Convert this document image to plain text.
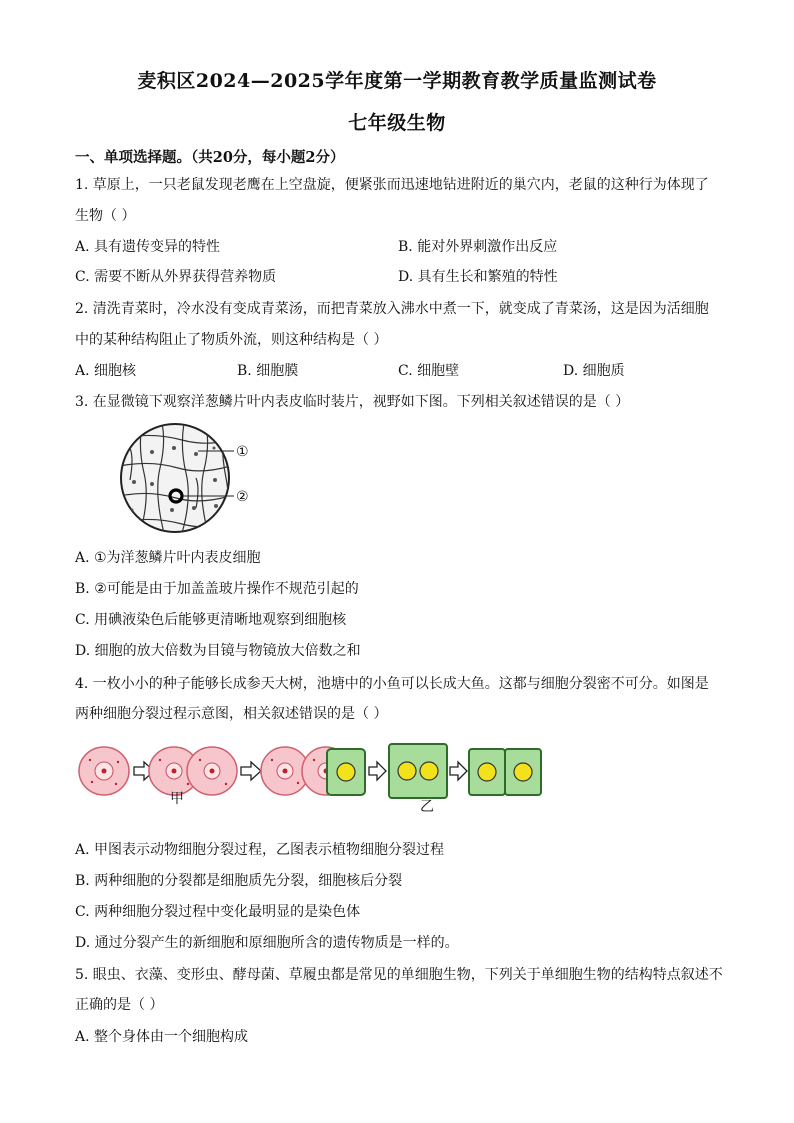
麦积区2024—2025学年度第一学期教育教学质量监测试卷
七年级生物
一、单项选择题。（共20分，每小题2分）
1. 草原上，一只老鼠发现老鹰在上空盘旋，便紧张而迅速地钻进附近的巢穴内，老鼠的这种行为体现了
生物（ ）
A. 具有遗传变异的特性	B. 能对外界刺激作出反应
C. 需要不断从外界获得营养物质	D. 具有生长和繁殖的特性
2. 清洗青菜时，冷水没有变成青菜汤，而把青菜放入沸水中煮一下，就变成了青菜汤，这是因为活细胞
中的某种结构阻止了物质外流，则这种结构是（ ）
A. 细胞核	B. 细胞膜	C. 细胞壁	D. 细胞质
3. 在显微镜下观察洋葱鳞片叶内表皮临时装片，视野如下图。下列相关叙述错误的是（ ）
①
②
A. ①为洋葱鳞片叶内表皮细胞
B. ②可能是由于加盖盖玻片操作不规范引起的
C. 用碘液染色后能够更清晰地观察到细胞核
D. 细胞的放大倍数为目镜与物镜放大倍数之和
4. 一枚小小的种子能够长成参天大树，池塘中的小鱼可以长成大鱼。这都与细胞分裂密不可分。如图是
两种细胞分裂过程示意图，相关叙述错误的是（ ）
甲	乙
A. 甲图表示动物细胞分裂过程，乙图表示植物细胞分裂过程
B. 两种细胞的分裂都是细胞质先分裂，细胞核后分裂
C. 两种细胞分裂过程中变化最明显的是染色体
D. 通过分裂产生的新细胞和原细胞所含的遗传物质是一样的。
5. 眼虫、衣藻、变形虫、酵母菌、草履虫都是常见的单细胞生物，下列关于单细胞生物的结构特点叙述不
正确的是（ ）
A. 整个身体由一个细胞构成
